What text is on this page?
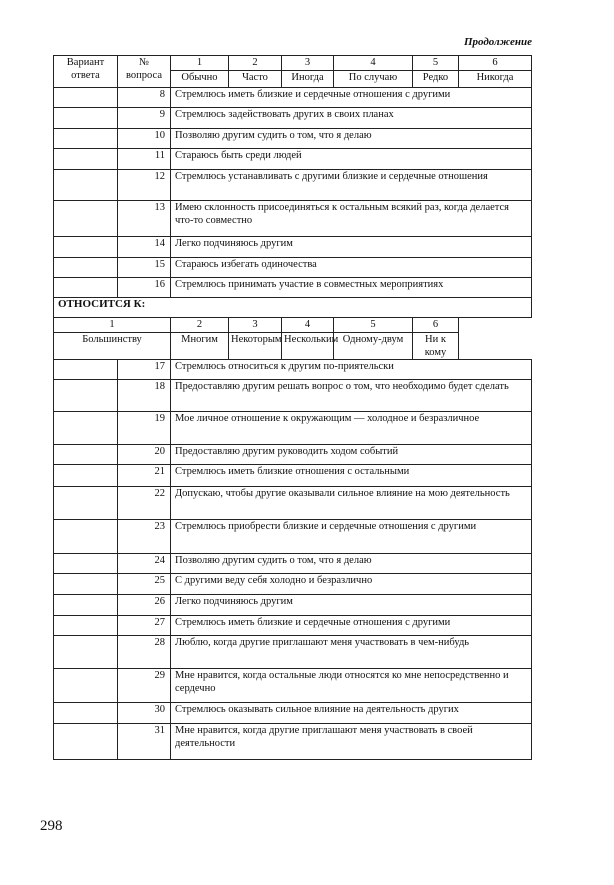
Продолжение
Вариант ответа	№ вопроса	1	2	3	4	5	6
		Обычно	Часто	Иногда	По случаю	Редко	Никогда
	8	Стремлюсь иметь близкие и сердечные отношения с другими					
	9	Стремлюсь задействовать других в своих планах					
	10	Позволяю другим судить о том, что я делаю					
	11	Стараюсь быть среди людей					
	12	Стремлюсь устанавливать с другими близкие и сердечные отношения					
	13	Имею склонность присоединяться к остальным всякий раз, когда делается что-то совместно					
	14	Легко подчиняюсь другим					
	15	Стараюсь избегать одиночества					
	16	Стремлюсь принимать участие в совместных мероприятиях					
ОТНОСИТСЯ К:							
1		2	3	4	5	6	
Большинству		Многим	Некоторым	Нескольким	Одному-двум	Ни к кому	
	17	Стремлюсь относиться к другим по-приятельски					
	18	Предоставляю другим решать вопрос о том, что необходимо будет сделать					
	19	Мое личное отношение к окружающим — холодное и безразличное					
	20	Предоставляю другим руководить ходом событий					
	21	Стремлюсь иметь близкие отношения с остальными					
	22	Допускаю, чтобы другие оказывали сильное влияние на мою деятельность					
	23	Стремлюсь приобрести близкие и сердечные отношения с другими					
	24	Позволяю другим судить о том, что я делаю					
	25	С другими веду себя холодно и безразлично					
	26	Легко подчиняюсь другим					
	27	Стремлюсь иметь близкие и сердечные отношения с другими					
	28	Люблю, когда другие приглашают меня участвовать в чем-нибудь					
	29	Мне нравится, когда остальные люди относятся ко мне непосредственно и сердечно					
	30	Стремлюсь оказывать сильное влияние на деятельность других					
	31	Мне нравится, когда другие приглашают меня участвовать в своей деятельности					
298
